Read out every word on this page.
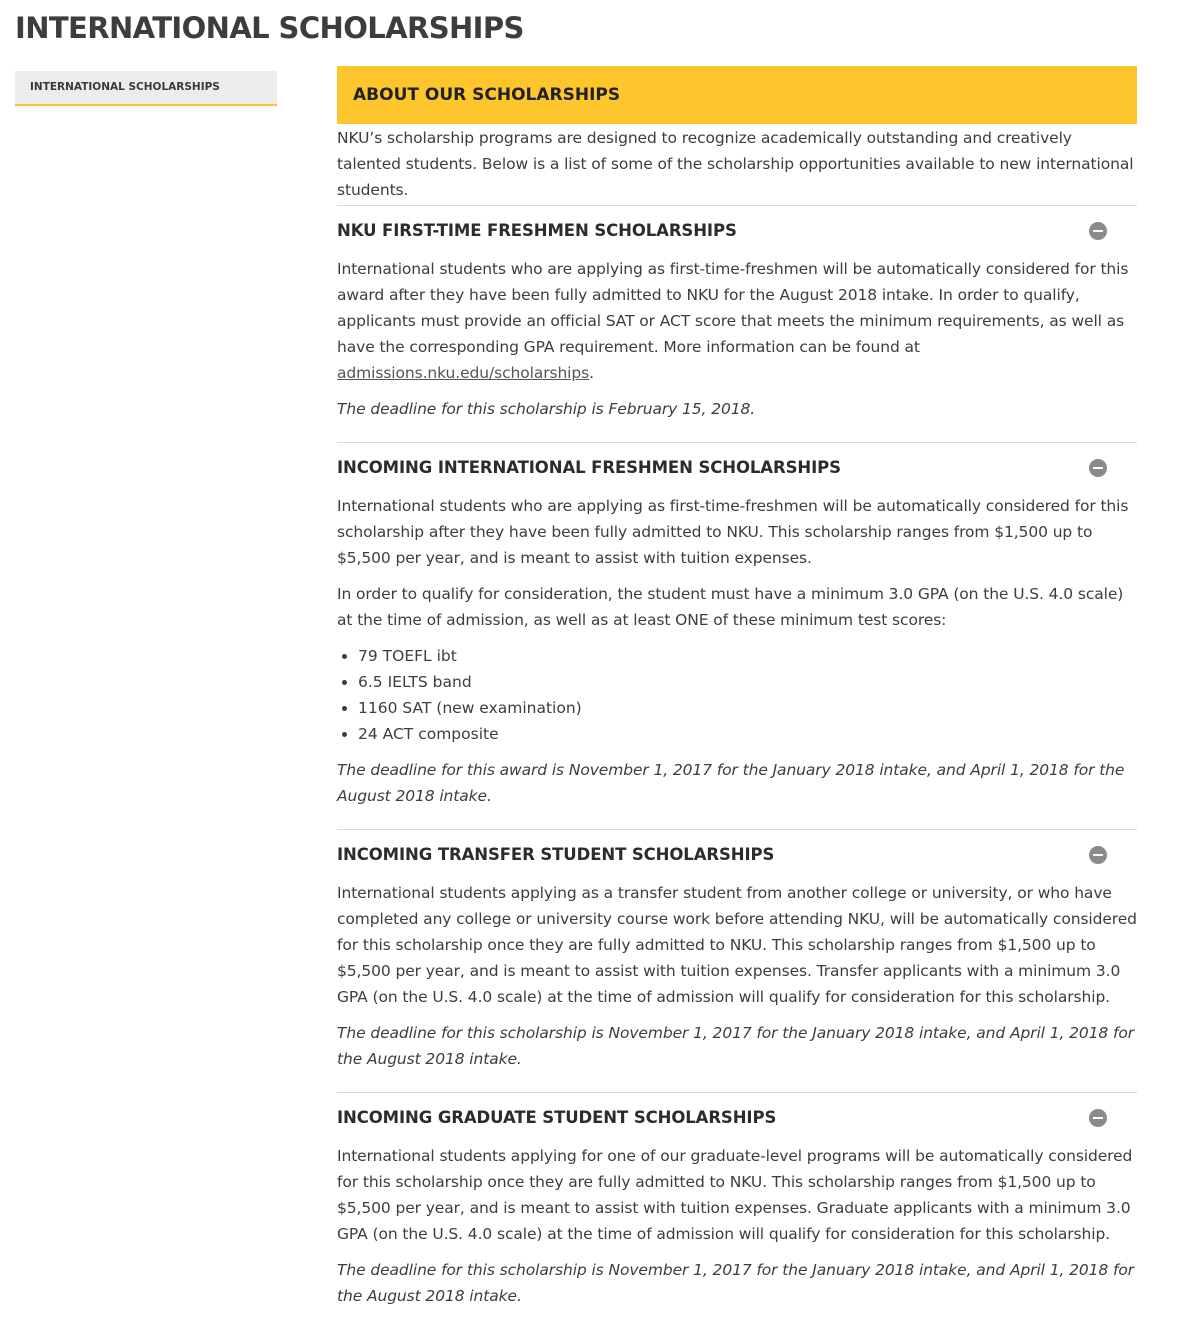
INTERNATIONAL SCHOLARSHIPS
INTERNATIONAL SCHOLARSHIPS	ABOUT OUR SCHOLARSHIPS

NKU’s scholarship programs are designed to recognize academically outstanding and creatively talented students. Below is a list of some of the scholarship opportunities available to new international students.

NKU FIRST-TIME FRESHMEN SCHOLARSHIPS

International students who are applying as first-time-freshmen will be automatically considered for this award after they have been fully admitted to NKU for the August 2018 intake. In order to qualify, applicants must provide an official SAT or ACT score that meets the minimum requirements, as well as have the corresponding GPA requirement. More information can be found at admissions.nku.edu/scholarships.

The deadline for this scholarship is February 15, 2018.

INCOMING INTERNATIONAL FRESHMEN SCHOLARSHIPS

International students who are applying as first-time-freshmen will be automatically considered for this scholarship after they have been fully admitted to NKU. This scholarship ranges from $1,500 up to $5,500 per year, and is meant to assist with tuition expenses.

In order to qualify for consideration, the student must have a minimum 3.0 GPA (on the U.S. 4.0 scale) at the time of admission, as well as at least ONE of these minimum test scores:

• 79 TOEFL ibt
• 6.5 IELTS band
• 1160 SAT (new examination)
• 24 ACT composite

The deadline for this award is November 1, 2017 for the January 2018 intake, and April 1, 2018 for the August 2018 intake.

INCOMING TRANSFER STUDENT SCHOLARSHIPS

International students applying as a transfer student from another college or university, or who have completed any college or university course work before attending NKU, will be automatically considered for this scholarship once they are fully admitted to NKU. This scholarship ranges from $1,500 up to $5,500 per year, and is meant to assist with tuition expenses. Transfer applicants with a minimum 3.0 GPA (on the U.S. 4.0 scale) at the time of admission will qualify for consideration for this scholarship.

The deadline for this scholarship is November 1, 2017 for the January 2018 intake, and April 1, 2018 for the August 2018 intake.

INCOMING GRADUATE STUDENT SCHOLARSHIPS

International students applying for one of our graduate-level programs will be automatically considered for this scholarship once they are fully admitted to NKU. This scholarship ranges from $1,500 up to $5,500 per year, and is meant to assist with tuition expenses. Graduate applicants with a minimum 3.0 GPA (on the U.S. 4.0 scale) at the time of admission will qualify for consideration for this scholarship.

The deadline for this scholarship is November 1, 2017 for the January 2018 intake, and April 1, 2018 for the August 2018 intake.
